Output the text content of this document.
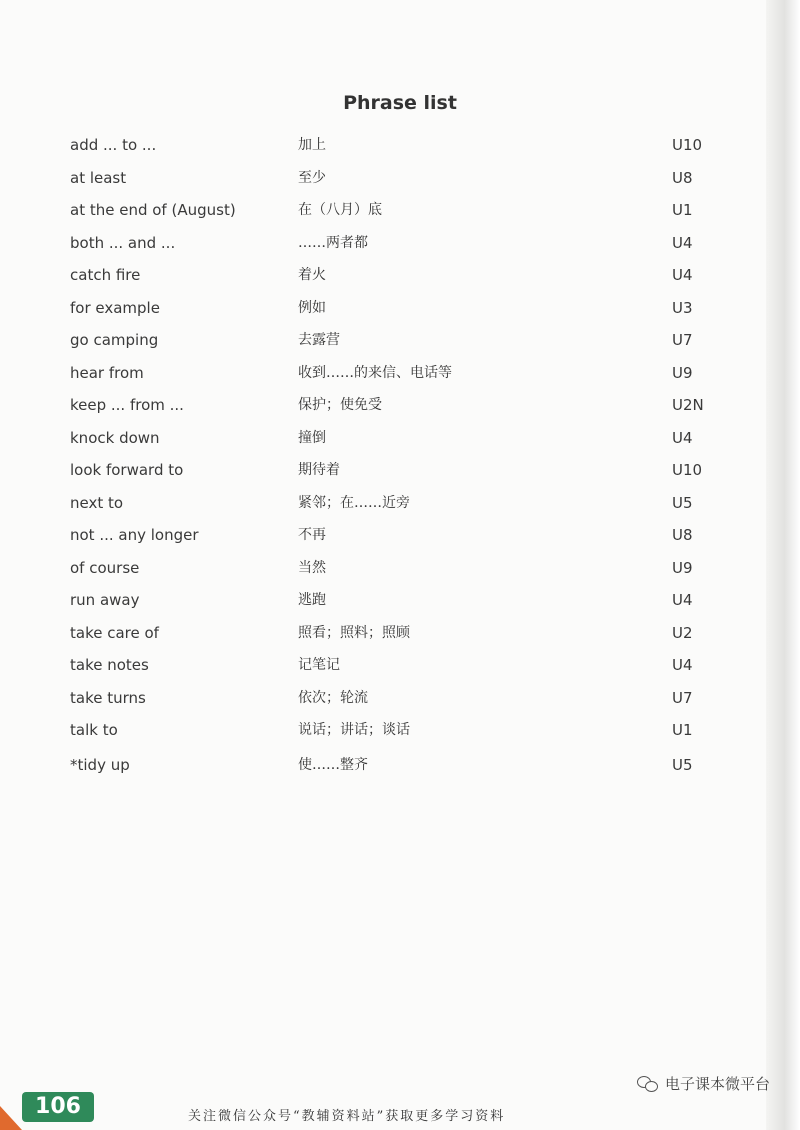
Phrase list
add ... to ...	加上	U10
at least	至少	U8
at the end of (August)	在（八月）底	U1
both ... and ...	……两者都	U4
catch fire	着火	U4
for example	例如	U3
go camping	去露营	U7
hear from	收到……的来信、电话等	U9
keep ... from ...	保护；使免受	U2N
knock down	撞倒	U4
look forward to	期待着	U10
next to	紧邻；在……近旁	U5
not ... any longer	不再	U8
of course	当然	U9
run away	逃跑	U4
take care of	照看；照料；照顾	U2
take notes	记笔记	U4
take turns	依次；轮流	U7
talk to	说话；讲话；谈话	U1
*tidy up	使……整齐	U5
电子课本微平台
106	关注微信公众号“教辅资料站”获取更多学习资料
